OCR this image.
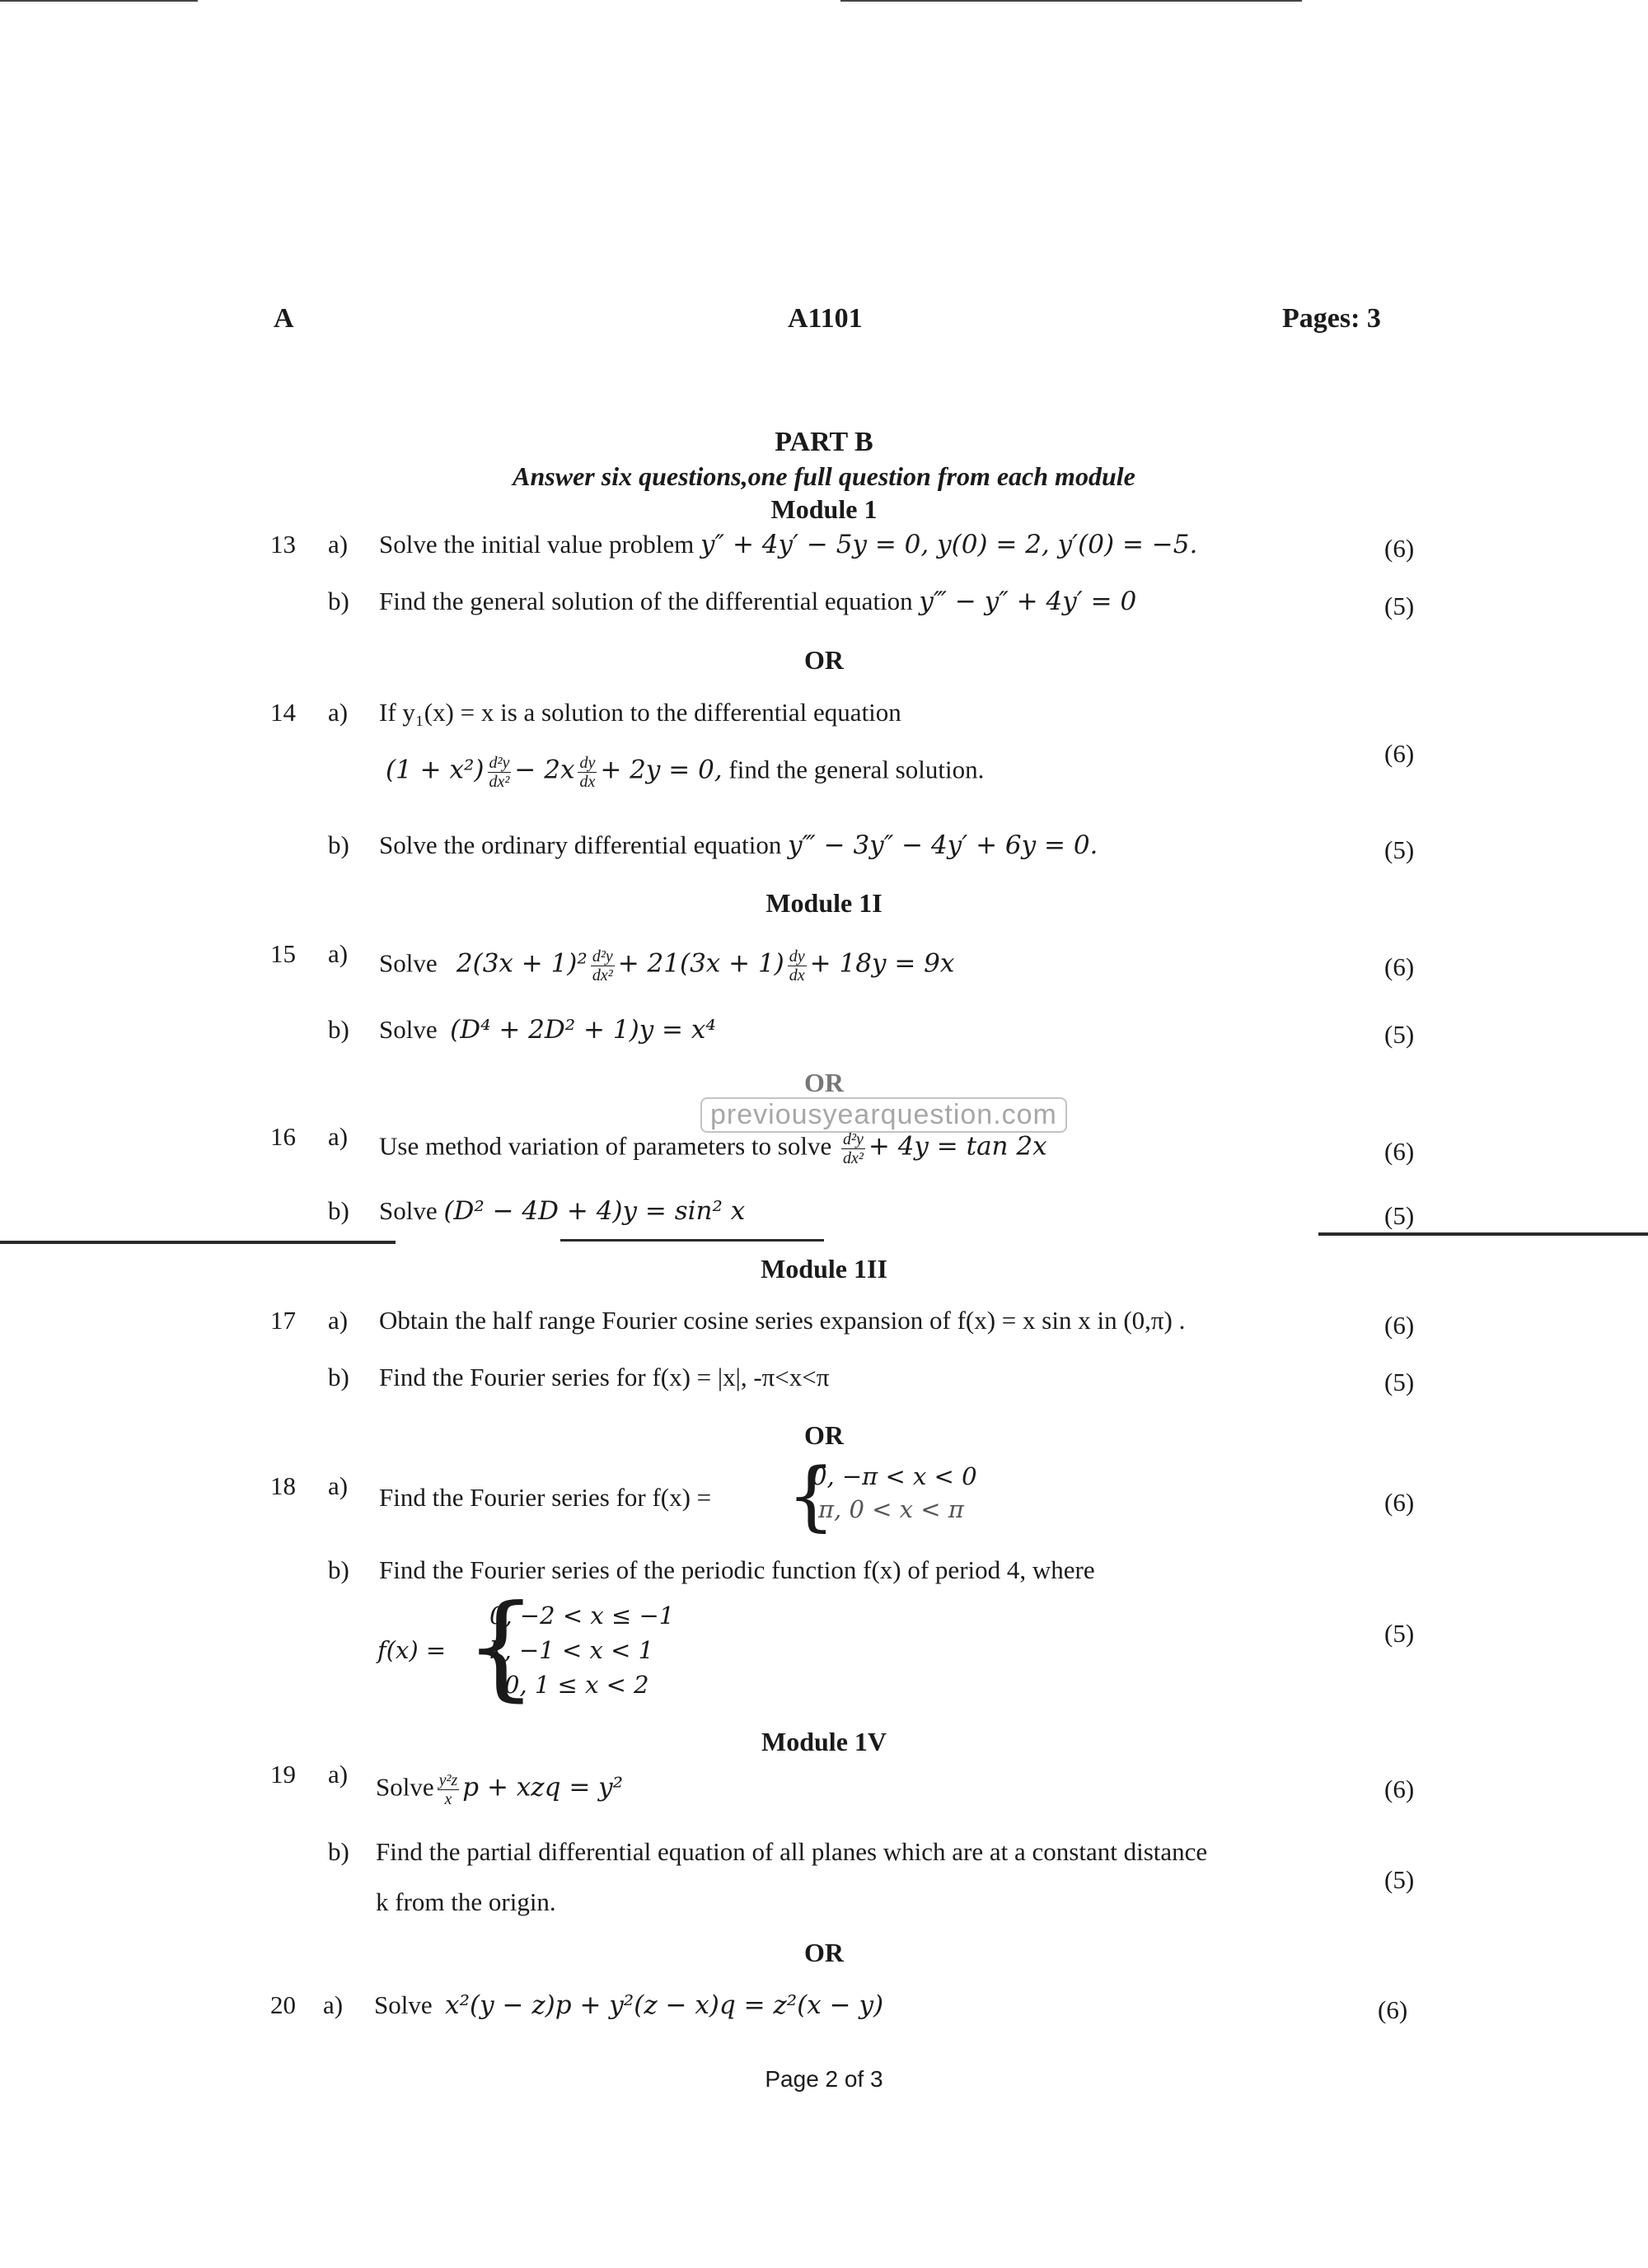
A	A1101	Pages: 3
PART B
Answer six questions,one full question from each module
Module 1
13 a) Solve the initial value problem y″ + 4y′ − 5y = 0, y(0) = 2, y′(0) = −5.	(6)
b) Find the general solution of the differential equation y‴ − y″ + 4y′ = 0	(5)
OR
14 a) If y₁(x) = x is a solution to the differential equation
$(1 + x^2) \frac{\text{d²y}}{\text{dx²}} - 2x \frac{dy}{dx} + 2y = 0$, find the general solution.
(6)
b) Solve the ordinary differential equation y‴ − 3y″ − 4y′ + 6y = 0.	(5)
Module 1I
15 a) Solve $2(3x + 1)^2 \frac{\text{d²y}}{\text{dx²}} + 21(3x + 1) \frac{dy}{dx} + 18y = 9x$	(6)
b) Solve (D⁴ + 2D² + 1)y = x⁴	(5)
OR
16 a) Use method variation of parameters to solve $\frac{\text{d²y}}{\text{dx²}} + 4y = \tan 2x$	(6)
previousyearquestion.com
b) Solve (D² − 4D + 4)y = sin² x	(5)
Module 1II
17 a) Obtain the half range Fourier cosine series expansion of f(x) = x sin x in (0,π) .	(6)
b) Find the Fourier series for f(x) = |x|, -π<x<π	(5)
OR
18 a) Find the Fourier series for f(x) = {
0, −π < x < 0
π, 0 < x < π	(6)
b) Find the Fourier series of the periodic function f(x) of period 4, where
f(x) = {
0, −2 < x ≤ −1
k, −1 < x < 1
0, 1 ≤ x < 2
(5)
Module 1V
19 a) Solve $\frac{\text{y²z}}{x}$ p + xzq = y²	(6)
b) Find the partial differential equation of all planes which are at a constant distance
k from the origin.
(5)
OR
20 a) Solve x²(y − z)p + y²(z − x)q = z²(x − y)	(6)
Page 2 of 3
